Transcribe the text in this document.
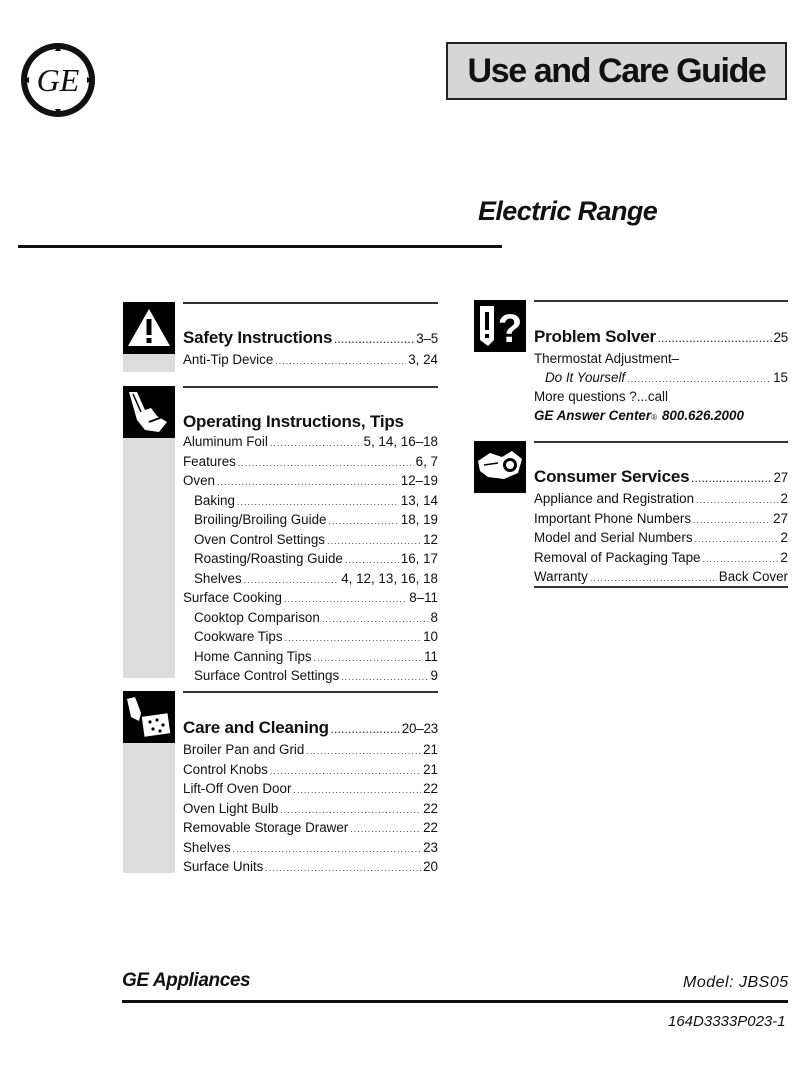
GE	Use and Care Guide
Electric Range
Safety Instructions .....	3–5
Anti-Tip Device .....	3, 24
Operating Instructions, Tips
Aluminum Foil .....	5, 14, 16–18
Features .....	6, 7
Oven .....	12–19
Baking .....	13, 14
Broiling/Broiling Guide .....	18, 19
Oven Control Settings .....	12
Roasting/Roasting Guide .....	16, 17
Shelves .....	4, 12, 13, 16, 18
Surface Cooking .....	8–11
Cooktop Comparison .....	8
Cookware Tips .....	10
Home Canning Tips .....	11
Surface Control Settings .....	9
Care and Cleaning .....	20–23
Broiler Pan and Grid .....	21
Control Knobs .....	21
Lift-Off Oven Door .....	22
Oven Light Bulb .....	22
Removable Storage Drawer .....	22
Shelves .....	23
Surface Units .....	20
? Problem Solver .....	25
Thermostat Adjustment–
Do It Yourself .....	15
More questions ?...call
GE Answer Center ® 800.626.2000
Consumer Services .....	27
Appliance and Registration .....	2
Important Phone Numbers .....	27
Model and Serial Numbers .....	2
Removal of Packaging Tape .....	2
Warranty .....	Back Cover
GE Appliances	Model: JBS05
164D3333P023-1
